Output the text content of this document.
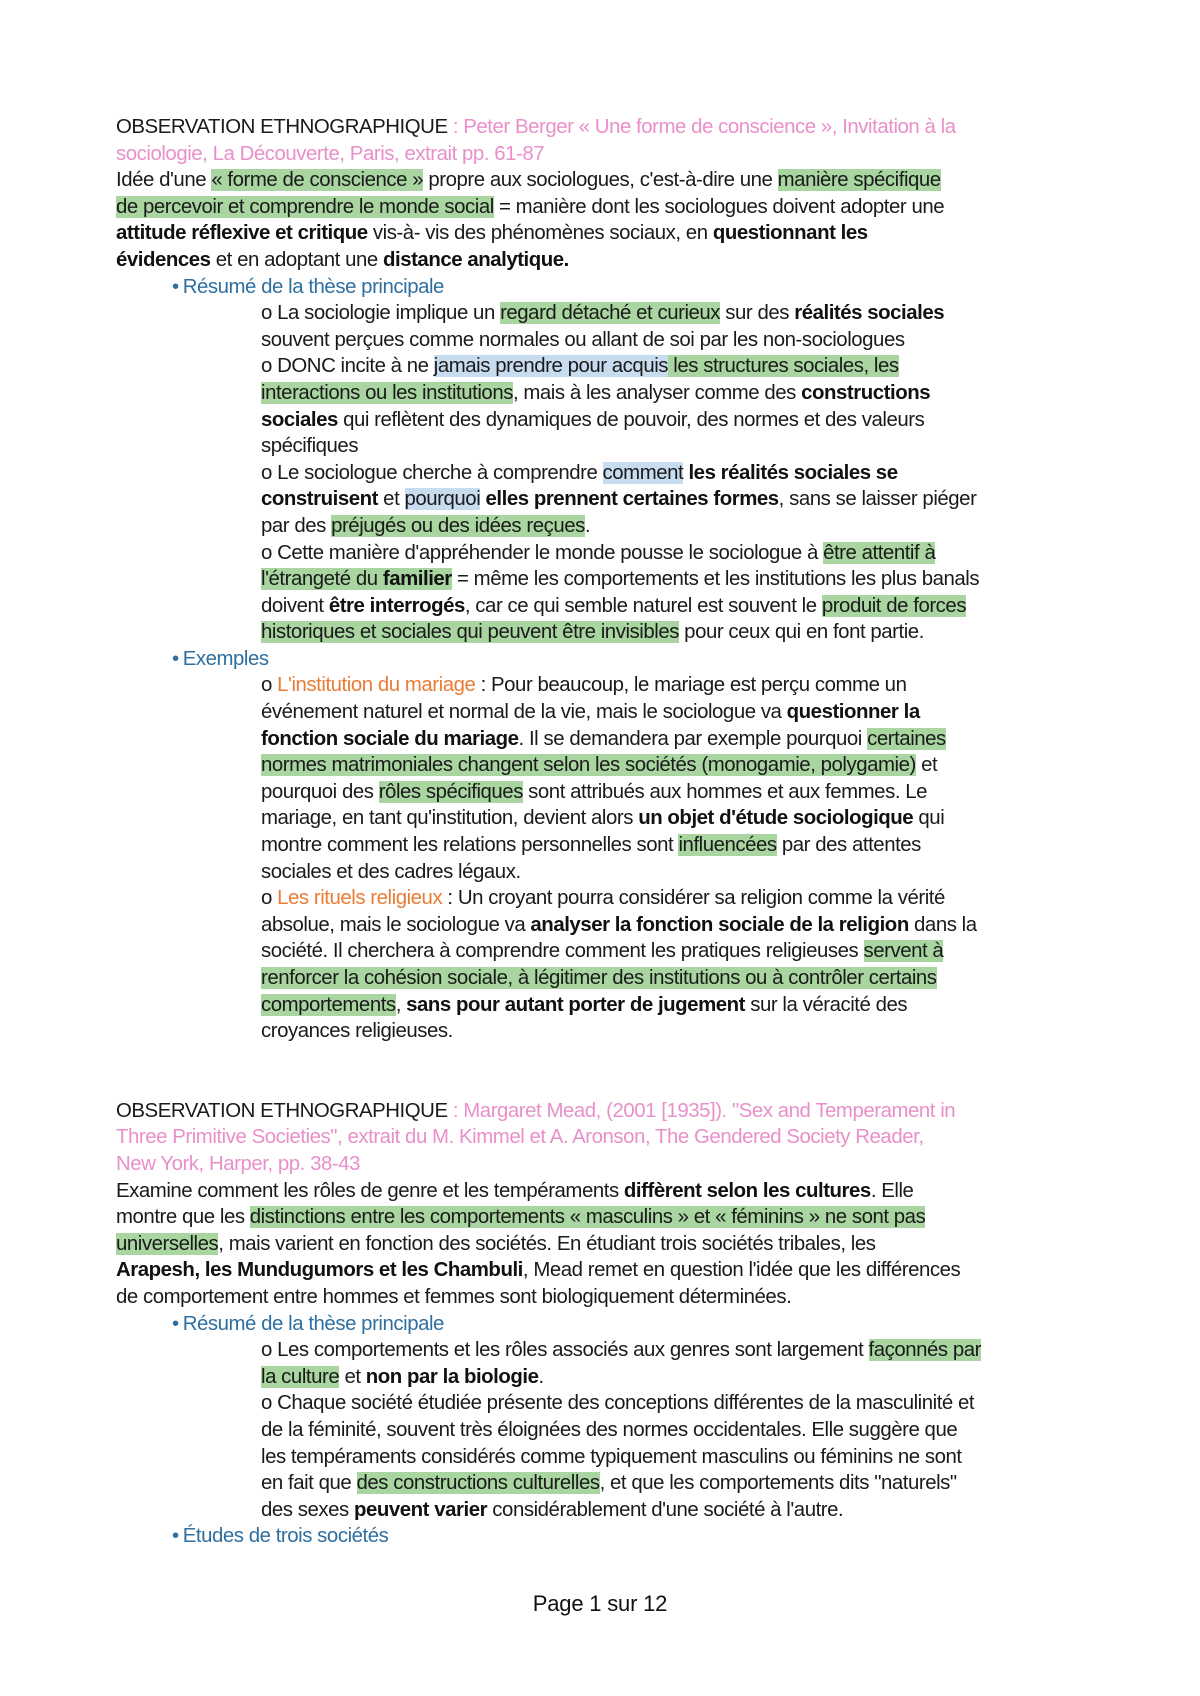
OBSERVATION ETHNOGRAPHIQUE : Peter Berger « Une forme de conscience », Invitation à la
sociologie, La Découverte, Paris, extrait pp. 61-87
Idée d'une « forme de conscience » propre aux sociologues, c'est-à-dire une manière spécifique
de percevoir et comprendre le monde social = manière dont les sociologues doivent adopter une
attitude réflexive et critique vis-à- vis des phénomènes sociaux, en questionnant les
évidences et en adoptant une distance analytique.
• Résumé de la thèse principale
o La sociologie implique un regard détaché et curieux sur des réalités sociales
souvent perçues comme normales ou allant de soi par les non-sociologues
o DONC incite à ne jamais prendre pour acquis les structures sociales, les
interactions ou les institutions, mais à les analyser comme des constructions
sociales qui reflètent des dynamiques de pouvoir, des normes et des valeurs
spécifiques
o Le sociologue cherche à comprendre comment les réalités sociales se
construisent et pourquoi elles prennent certaines formes, sans se laisser piéger
par des préjugés ou des idées reçues.
o Cette manière d'appréhender le monde pousse le sociologue à être attentif à
l'étrangeté du familier = même les comportements et les institutions les plus banals
doivent être interrogés, car ce qui semble naturel est souvent le produit de forces
historiques et sociales qui peuvent être invisibles pour ceux qui en font partie.
• Exemples
o L'institution du mariage : Pour beaucoup, le mariage est perçu comme un
événement naturel et normal de la vie, mais le sociologue va questionner la
fonction sociale du mariage. Il se demandera par exemple pourquoi certaines
normes matrimoniales changent selon les sociétés (monogamie, polygamie) et
pourquoi des rôles spécifiques sont attribués aux hommes et aux femmes. Le
mariage, en tant qu'institution, devient alors un objet d'étude sociologique qui
montre comment les relations personnelles sont influencées par des attentes
sociales et des cadres légaux.
o Les rituels religieux : Un croyant pourra considérer sa religion comme la vérité
absolue, mais le sociologue va analyser la fonction sociale de la religion dans la
société. Il cherchera à comprendre comment les pratiques religieuses servent à
renforcer la cohésion sociale, à légitimer des institutions ou à contrôler certains
comportements, sans pour autant porter de jugement sur la véracité des
croyances religieuses.
OBSERVATION ETHNOGRAPHIQUE : Margaret Mead, (2001 [1935]). "Sex and Temperament in
Three Primitive Societies", extrait du M. Kimmel et A. Aronson, The Gendered Society Reader,
New York, Harper, pp. 38-43
Examine comment les rôles de genre et les tempéraments diffèrent selon les cultures. Elle
montre que les distinctions entre les comportements « masculins » et « féminins » ne sont pas
universelles, mais varient en fonction des sociétés. En étudiant trois sociétés tribales, les
Arapesh, les Mundugumors et les Chambuli, Mead remet en question l'idée que les différences
de comportement entre hommes et femmes sont biologiquement déterminées.
• Résumé de la thèse principale
o Les comportements et les rôles associés aux genres sont largement façonnés par
la culture et non par la biologie.
o Chaque société étudiée présente des conceptions différentes de la masculinité et
de la féminité, souvent très éloignées des normes occidentales. Elle suggère que
les tempéraments considérés comme typiquement masculins ou féminins ne sont
en fait que des constructions culturelles, et que les comportements dits "naturels"
des sexes peuvent varier considérablement d'une société à l'autre.
• Études de trois sociétés
Page 1 sur 12
